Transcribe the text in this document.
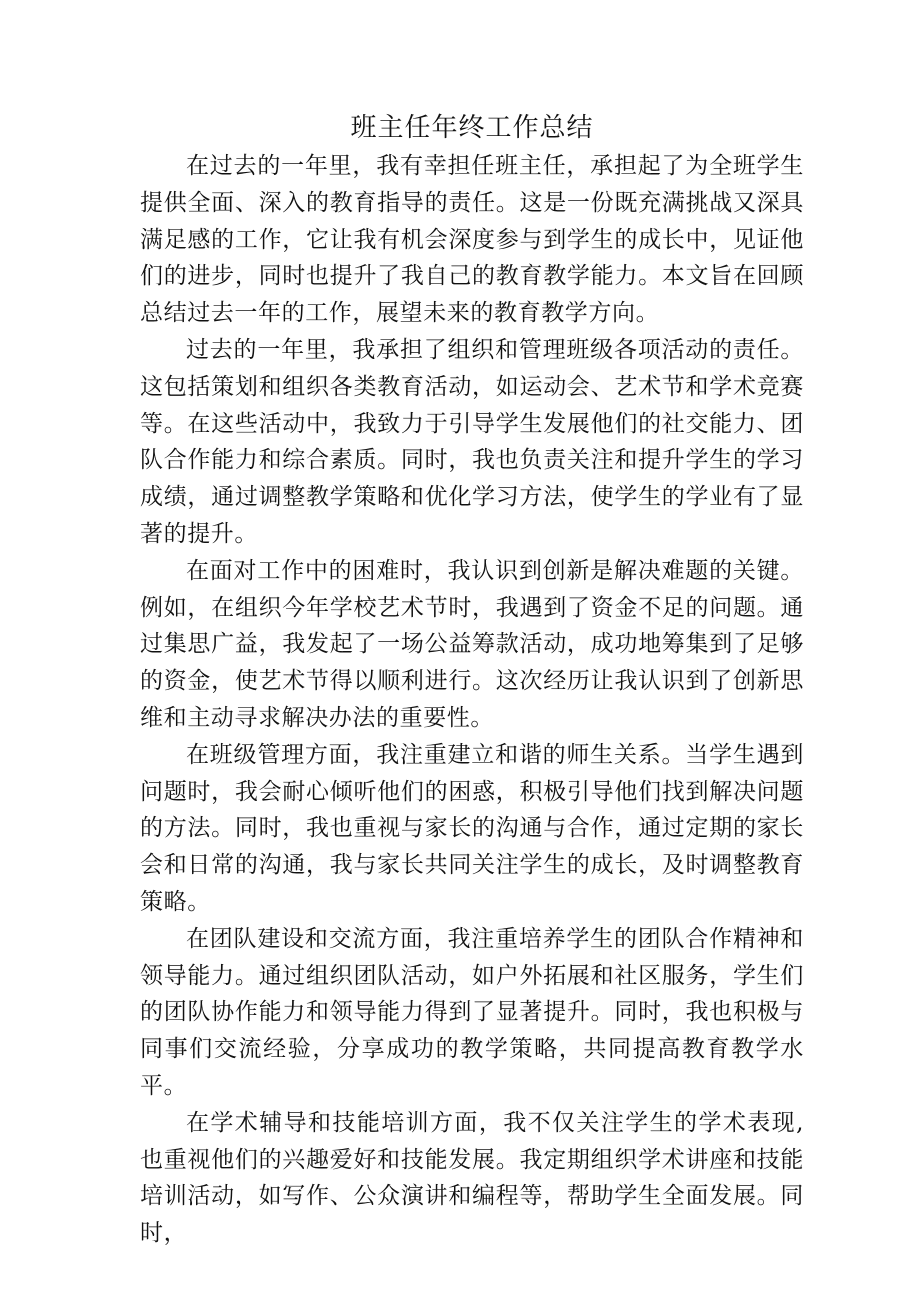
班主任年终工作总结

在过去的一年里，我有幸担任班主任，承担起了为全班学生提供全面、深入的教育指导的责任。这是一份既充满挑战又深具满足感的工作，它让我有机会深度参与到学生的成长中，见证他们的进步，同时也提升了我自己的教育教学能力。本文旨在回顾总结过去一年的工作，展望未来的教育教学方向。

过去的一年里，我承担了组织和管理班级各项活动的责任。这包括策划和组织各类教育活动，如运动会、艺术节和学术竞赛等。在这些活动中，我致力于引导学生发展他们的社交能力、团队合作能力和综合素质。同时，我也负责关注和提升学生的学习成绩，通过调整教学策略和优化学习方法，使学生的学业有了显著的提升。

在面对工作中的困难时，我认识到创新是解决难题的关键。例如，在组织今年学校艺术节时，我遇到了资金不足的问题。通过集思广益，我发起了一场公益筹款活动，成功地筹集到了足够的资金，使艺术节得以顺利进行。这次经历让我认识到了创新思维和主动寻求解决办法的重要性。

在班级管理方面，我注重建立和谐的师生关系。当学生遇到问题时，我会耐心倾听他们的困惑，积极引导他们找到解决问题的方法。同时，我也重视与家长的沟通与合作，通过定期的家长会和日常的沟通，我与家长共同关注学生的成长，及时调整教育策略。

在团队建设和交流方面，我注重培养学生的团队合作精神和领导能力。通过组织团队活动，如户外拓展和社区服务，学生们的团队协作能力和领导能力得到了显著提升。同时，我也积极与同事们交流经验，分享成功的教学策略，共同提高教育教学水平。

在学术辅导和技能培训方面，我不仅关注学生的学术表现,也重视他们的兴趣爱好和技能发展。我定期组织学术讲座和技能培训活动，如写作、公众演讲和编程等，帮助学生全面发展。同时，
